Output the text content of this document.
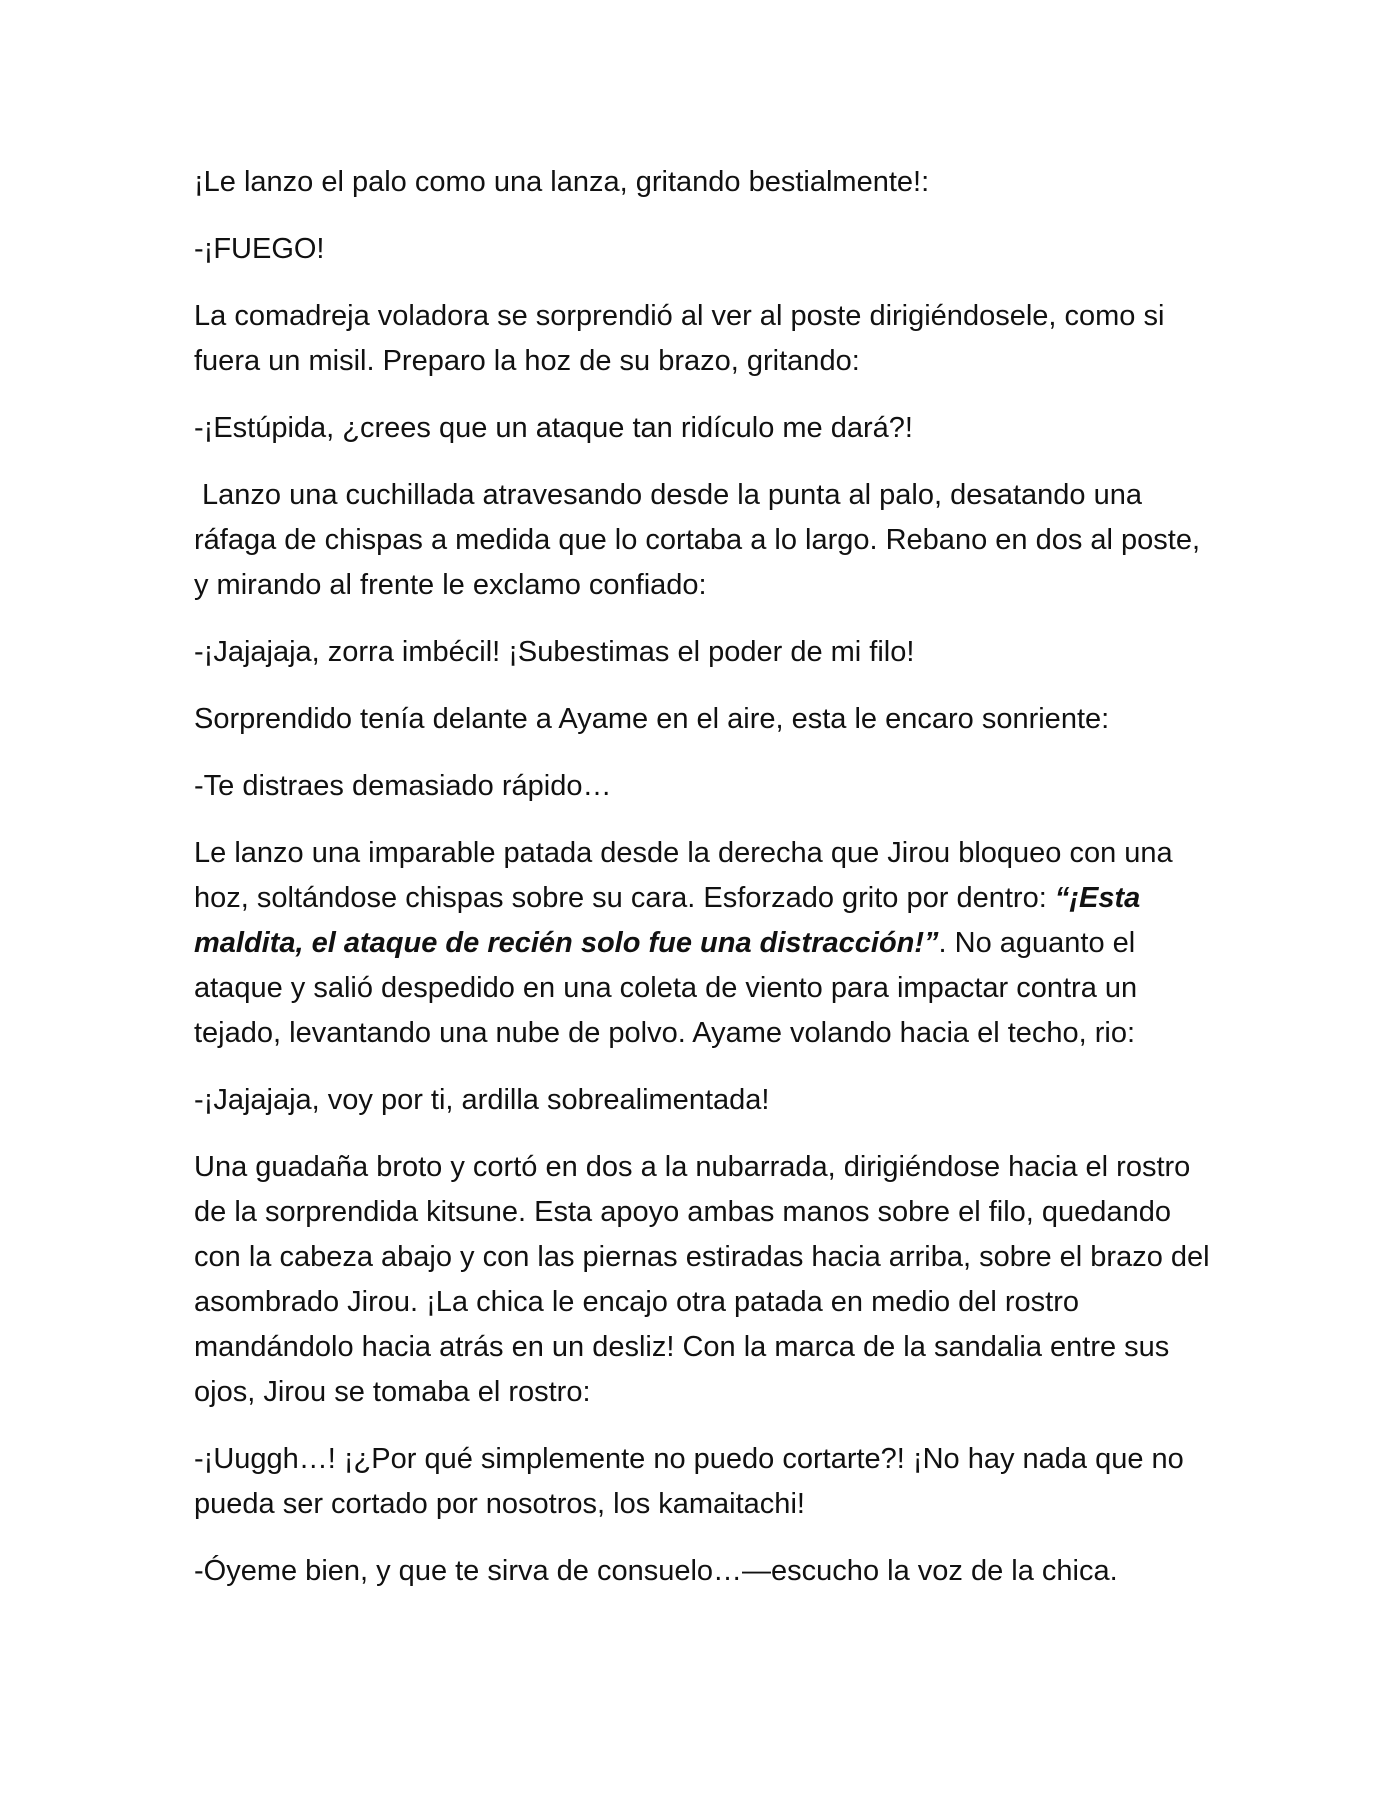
¡Le lanzo el palo como una lanza, gritando bestialmente!:

-¡FUEGO!

La comadreja voladora se sorprendió al ver al poste dirigiéndosele, como si fuera un misil. Preparo la hoz de su brazo, gritando:

-¡Estúpida, ¿crees que un ataque tan ridículo me dará?!

Lanzo una cuchillada atravesando desde la punta al palo, desatando una ráfaga de chispas a medida que lo cortaba a lo largo. Rebano en dos al poste, y mirando al frente le exclamo confiado:

-¡Jajajaja, zorra imbécil! ¡Subestimas el poder de mi filo!

Sorprendido tenía delante a Ayame en el aire, esta le encaro sonriente:

-Te distraes demasiado rápido…

Le lanzo una imparable patada desde la derecha que Jirou bloqueo con una hoz, soltándose chispas sobre su cara. Esforzado grito por dentro: “¡Esta maldita, el ataque de recién solo fue una distracción!”. No aguanto el ataque y salió despedido en una coleta de viento para impactar contra un tejado, levantando una nube de polvo. Ayame volando hacia el techo, rio:

-¡Jajajaja, voy por ti, ardilla sobrealimentada!

Una guadaña broto y cortó en dos a la nubarrada, dirigiéndose hacia el rostro de la sorprendida kitsune. Esta apoyo ambas manos sobre el filo, quedando con la cabeza abajo y con las piernas estiradas hacia arriba, sobre el brazo del asombrado Jirou. ¡La chica le encajo otra patada en medio del rostro mandándolo hacia atrás en un desliz! Con la marca de la sandalia entre sus ojos, Jirou se tomaba el rostro:

-¡Uuggh…! ¡¿Por qué simplemente no puedo cortarte?! ¡No hay nada que no pueda ser cortado por nosotros, los kamaitachi!

-Óyeme bien, y que te sirva de consuelo…—escucho la voz de la chica.
